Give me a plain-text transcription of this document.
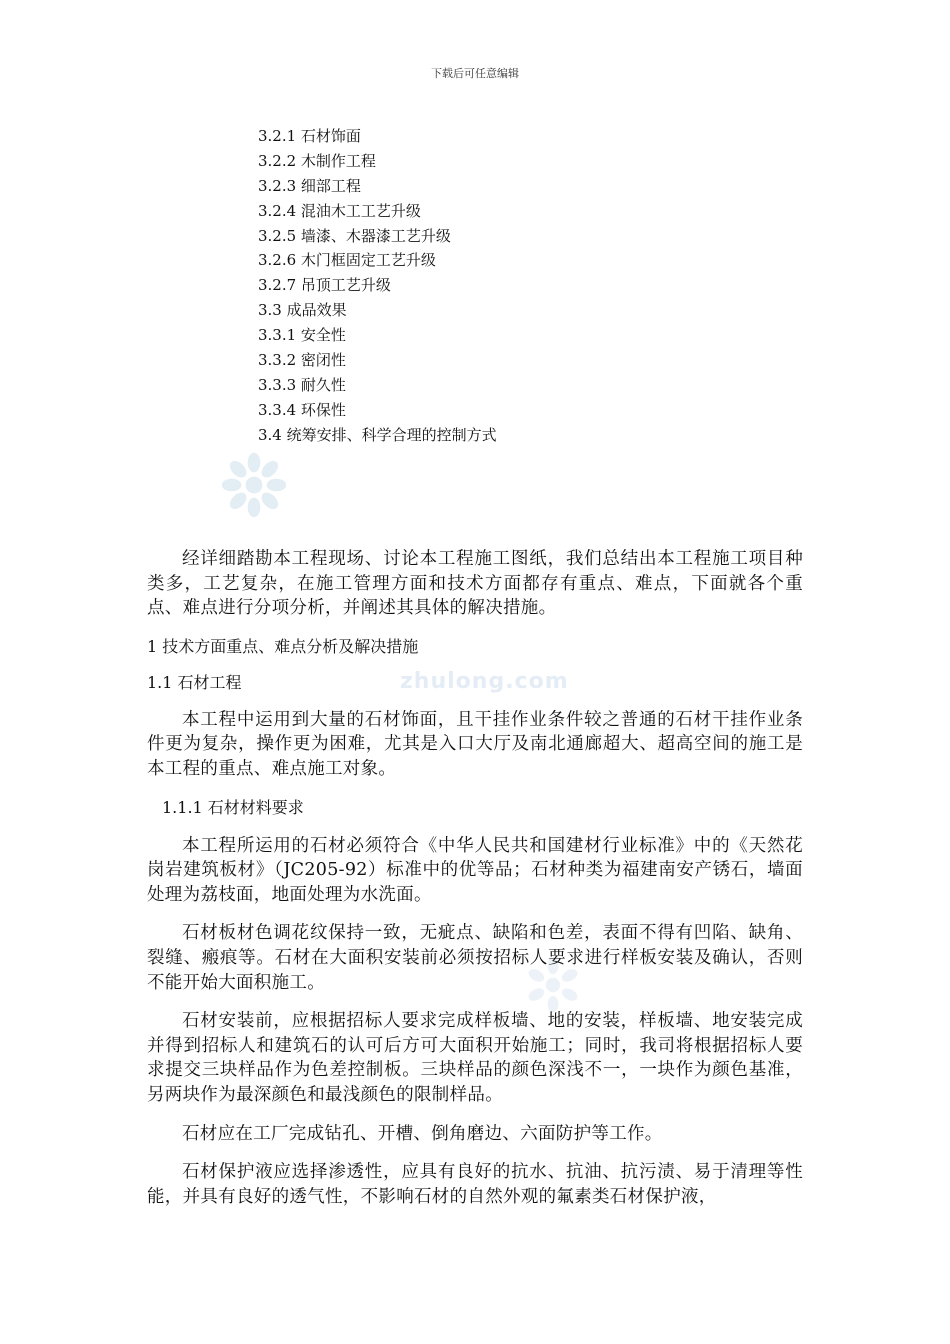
下载后可任意编辑
3.2.1 石材饰面
3.2.2 木制作工程
3.2.3 细部工程
3.2.4 混油木工工艺升级
3.2.5 墙漆、木器漆工艺升级
3.2.6 木门框固定工艺升级
3.2.7 吊顶工艺升级
3.3 成品效果
3.3.1 安全性
3.3.2 密闭性
3.3.3 耐久性
3.3.4 环保性
3.4 统筹安排、科学合理的控制方式
zhulong.com

经详细踏勘本工程现场、讨论本工程施工图纸，我们总结出本工程施工项目种类多，工艺复杂，在施工管理方面和技术方面都存有重点、难点，下面就各个重点、难点进行分项分析，并阐述其具体的解决措施。

1 技术方面重点、难点分析及解决措施
1.1 石材工程

本工程中运用到大量的石材饰面，且干挂作业条件较之普通的石材干挂作业条件更为复杂，操作更为困难，尤其是入口大厅及南北通廊超大、超高空间的施工是本工程的重点、难点施工对象。

1.1.1 石材材料要求

本工程所运用的石材必须符合《中华人民共和国建材行业标准》中的《天然花岗岩建筑板材》（JC205-92）标准中的优等品；石材种类为福建南安产锈石，墙面处理为荔枝面，地面处理为水洗面。

石材板材色调花纹保持一致，无疵点、缺陷和色差，表面不得有凹陷、缺角、裂缝、瘢痕等。石材在大面积安装前必须按招标人要求进行样板安装及确认，否则不能开始大面积施工。

石材安装前，应根据招标人要求完成样板墙、地的安装，样板墙、地安装完成并得到招标人和建筑石的认可后方可大面积开始施工；同时，我司将根据招标人要求提交三块样品作为色差控制板。三块样品的颜色深浅不一，一块作为颜色基准，另两块作为最深颜色和最浅颜色的限制样品。

石材应在工厂完成钻孔、开槽、倒角磨边、六面防护等工作。

石材保护液应选择渗透性，应具有良好的抗水、抗油、抗污渍、易于清理等性能，并具有良好的透气性，不影响石材的自然外观的氟素类石材保护液，
